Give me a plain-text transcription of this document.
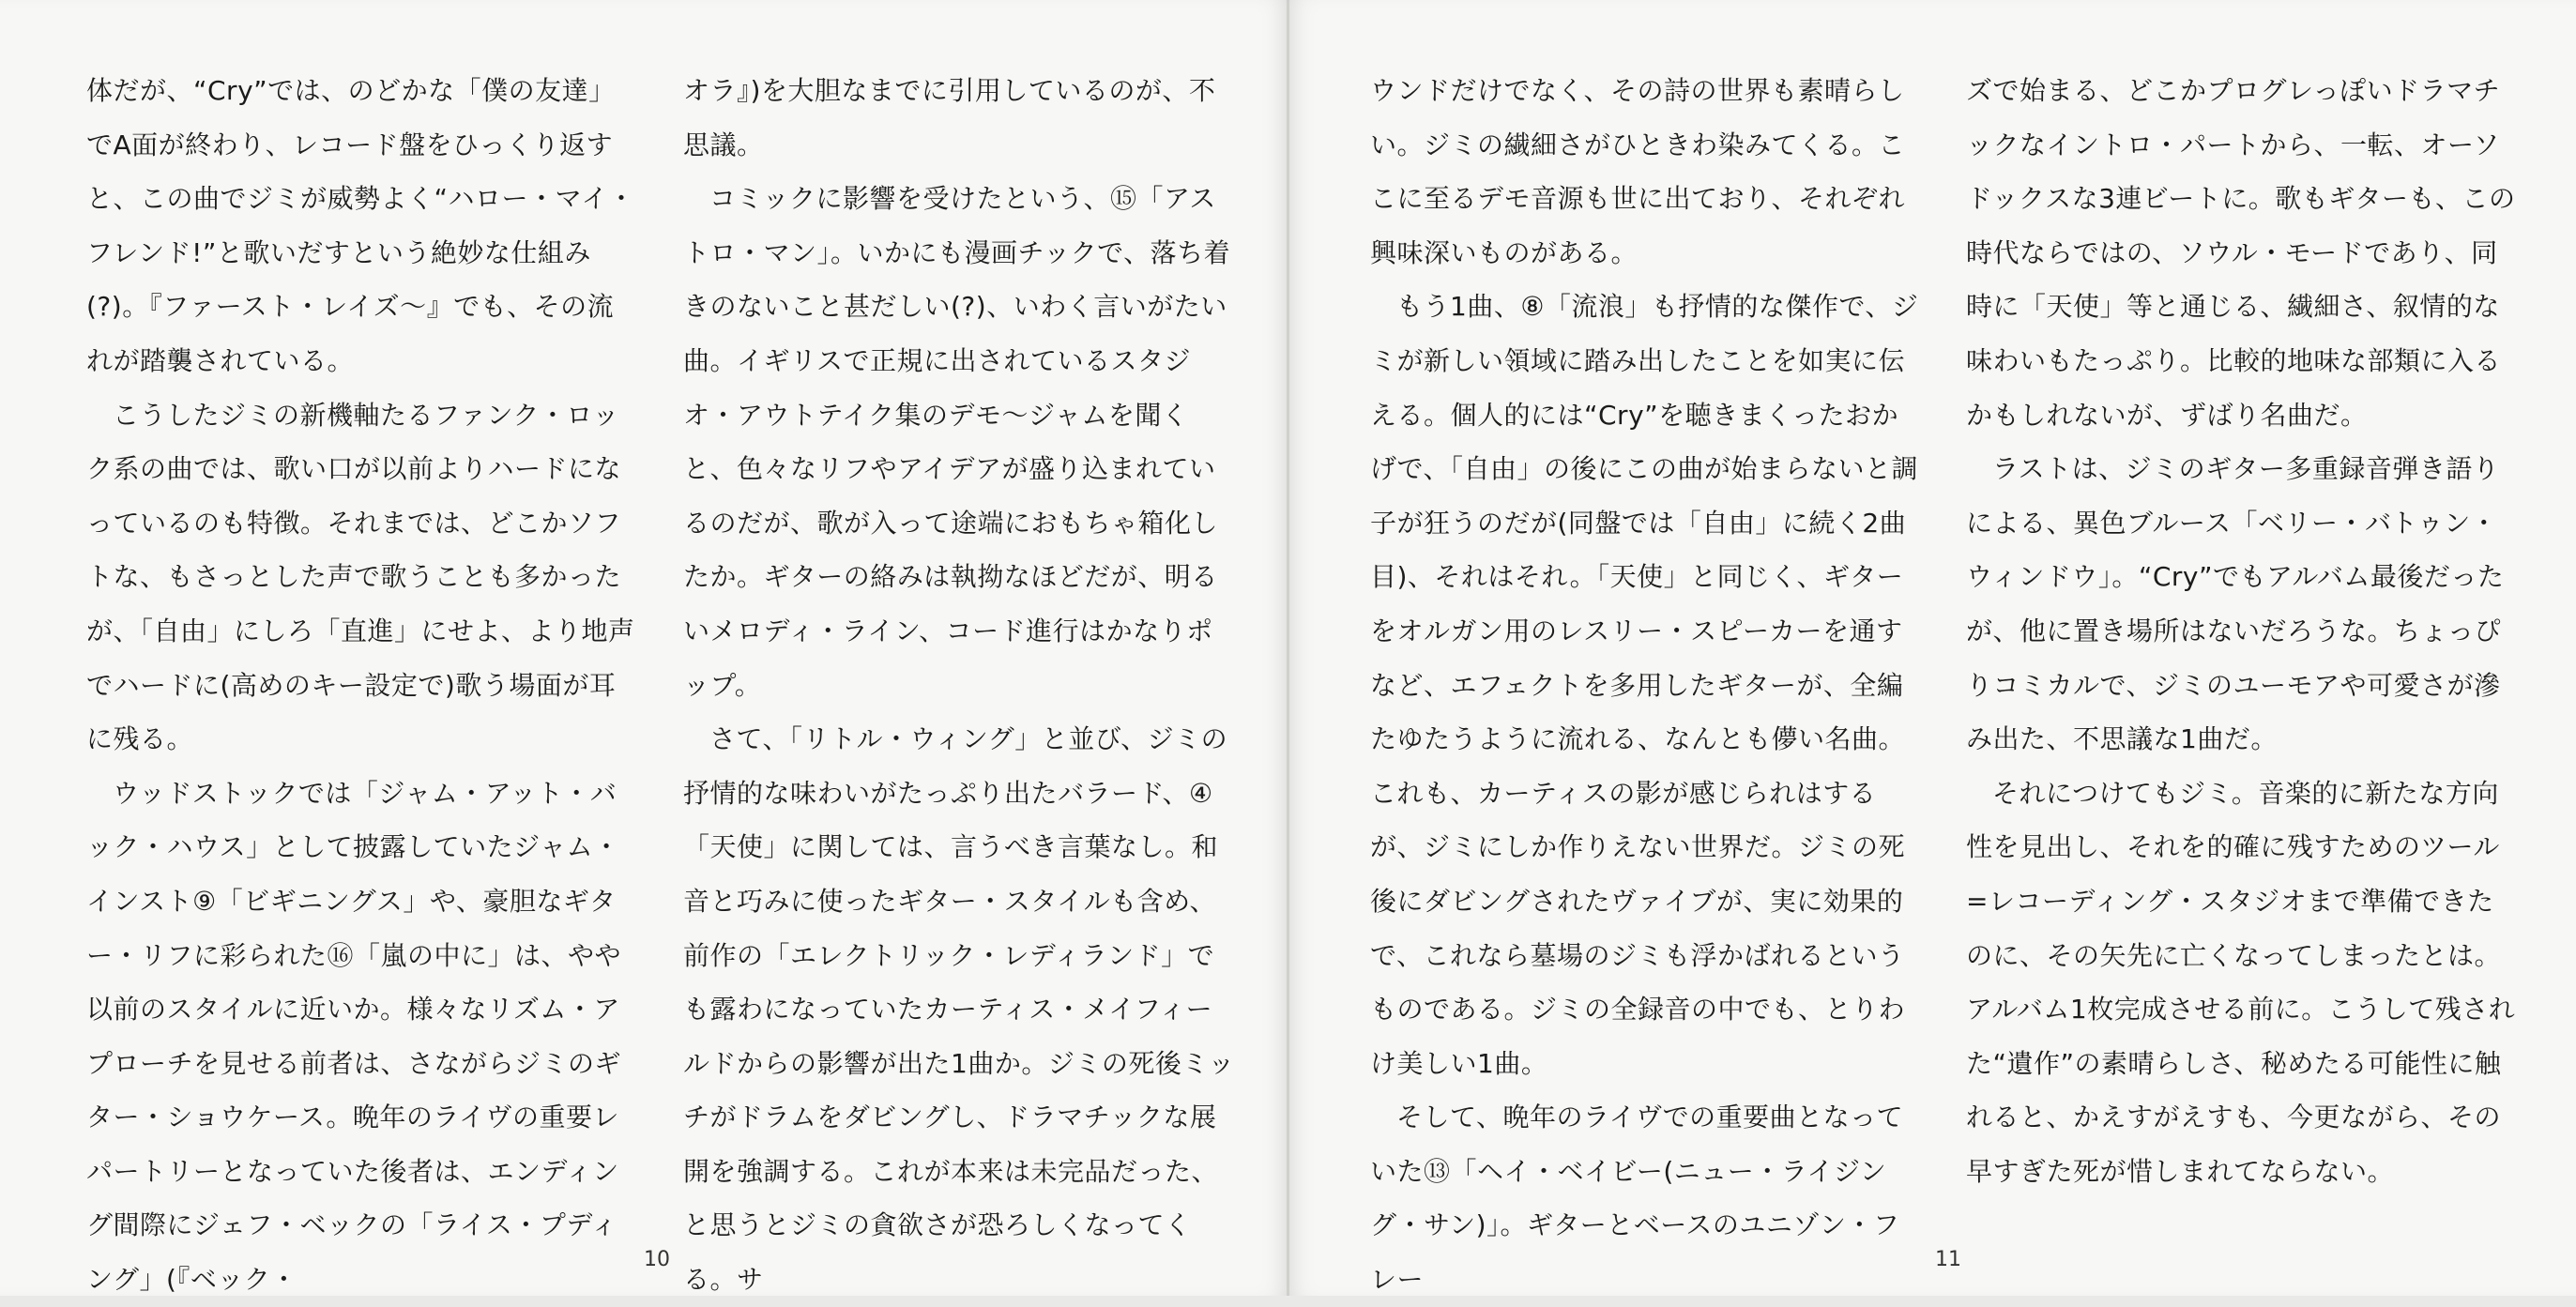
体だが、“Cry”では、のどかな「僕の友達」でA面が終わり、レコード盤をひっくり返すと、この曲でジミが威勢よく“ハロー・マイ・フレンド!”と歌いだすという絶妙な仕組み(?)。『ファースト・レイズ〜』でも、その流れが踏襲されている。

こうしたジミの新機軸たるファンク・ロック系の曲では、歌い口が以前よりハードになっているのも特徴。それまでは、どこかソフトな、もさっとした声で歌うことも多かったが、「自由」にしろ「直進」にせよ、より地声でハードに(高めのキー設定で)歌う場面が耳に残る。

ウッドストックでは「ジャム・アット・バック・ハウス」として披露していたジャム・インスト⑨「ビギニングス」や、豪胆なギター・リフに彩られた⑯「嵐の中に」は、やや以前のスタイルに近いか。様々なリズム・アプローチを見せる前者は、さながらジミのギター・ショウケース。晩年のライヴの重要レパートリーとなっていた後者は、エンディング間際にジェフ・ベックの「ライス・プディング」(『ベック・

オラ』)を大胆なまでに引用しているのが、不思議。

コミックに影響を受けたという、⑮「アストロ・マン」。いかにも漫画チックで、落ち着きのないこと甚だしい(?)、いわく言いがたい曲。イギリスで正規に出されているスタジオ・アウトテイク集のデモ〜ジャムを聞くと、色々なリフやアイデアが盛り込まれているのだが、歌が入って途端におもちゃ箱化したか。ギターの絡みは執拗なほどだが、明るいメロディ・ライン、コード進行はかなりポップ。

さて、「リトル・ウィング」と並び、ジミの抒情的な味わいがたっぷり出たバラード、④「天使」に関しては、言うべき言葉なし。和音と巧みに使ったギター・スタイルも含め、前作の「エレクトリック・レディランド」でも露わになっていたカーティス・メイフィールドからの影響が出た1曲か。ジミの死後ミッチがドラムをダビングし、ドラマチックな展開を強調する。これが本来は未完品だった、と思うとジミの貪欲さが恐ろしくなってくる。サ

ウンドだけでなく、その詩の世界も素晴らしい。ジミの繊細さがひときわ染みてくる。ここに至るデモ音源も世に出ており、それぞれ興味深いものがある。

もう1曲、⑧「流浪」も抒情的な傑作で、ジミが新しい領域に踏み出したことを如実に伝える。個人的には“Cry”を聴きまくったおかげで、「自由」の後にこの曲が始まらないと調子が狂うのだが(同盤では「自由」に続く2曲目)、それはそれ。「天使」と同じく、ギターをオルガン用のレスリー・スピーカーを通すなど、エフェクトを多用したギターが、全編たゆたうように流れる、なんとも儚い名曲。これも、カーティスの影が感じられはするが、ジミにしか作りえない世界だ。ジミの死後にダビングされたヴァイブが、実に効果的で、これなら墓場のジミも浮かばれるというものである。ジミの全録音の中でも、とりわけ美しい1曲。

そして、晩年のライヴでの重要曲となっていた⑬「ヘイ・ベイビー(ニュー・ライジング・サン)」。ギターとベースのユニゾン・フレー

ズで始まる、どこかプログレっぽいドラマチックなイントロ・パートから、一転、オーソドックスな3連ビートに。歌もギターも、この時代ならではの、ソウル・モードであり、同時に「天使」等と通じる、繊細さ、叙情的な味わいもたっぷり。比較的地味な部類に入るかもしれないが、ずばり名曲だ。

ラストは、ジミのギター多重録音弾き語りによる、異色ブルース「ベリー・バトゥン・ウィンドウ」。“Cry”でもアルバム最後だったが、他に置き場所はないだろうな。ちょっぴりコミカルで、ジミのユーモアや可愛さが滲み出た、不思議な1曲だ。

それにつけてもジミ。音楽的に新たな方向性を見出し、それを的確に残すためのツール=レコーディング・スタジオまで準備できたのに、その矢先に亡くなってしまったとは。アルバム1枚完成させる前に。こうして残された“遺作”の素晴らしさ、秘めたる可能性に触れると、かえすがえすも、今更ながら、その早すぎた死が惜しまれてならない。

10	11
